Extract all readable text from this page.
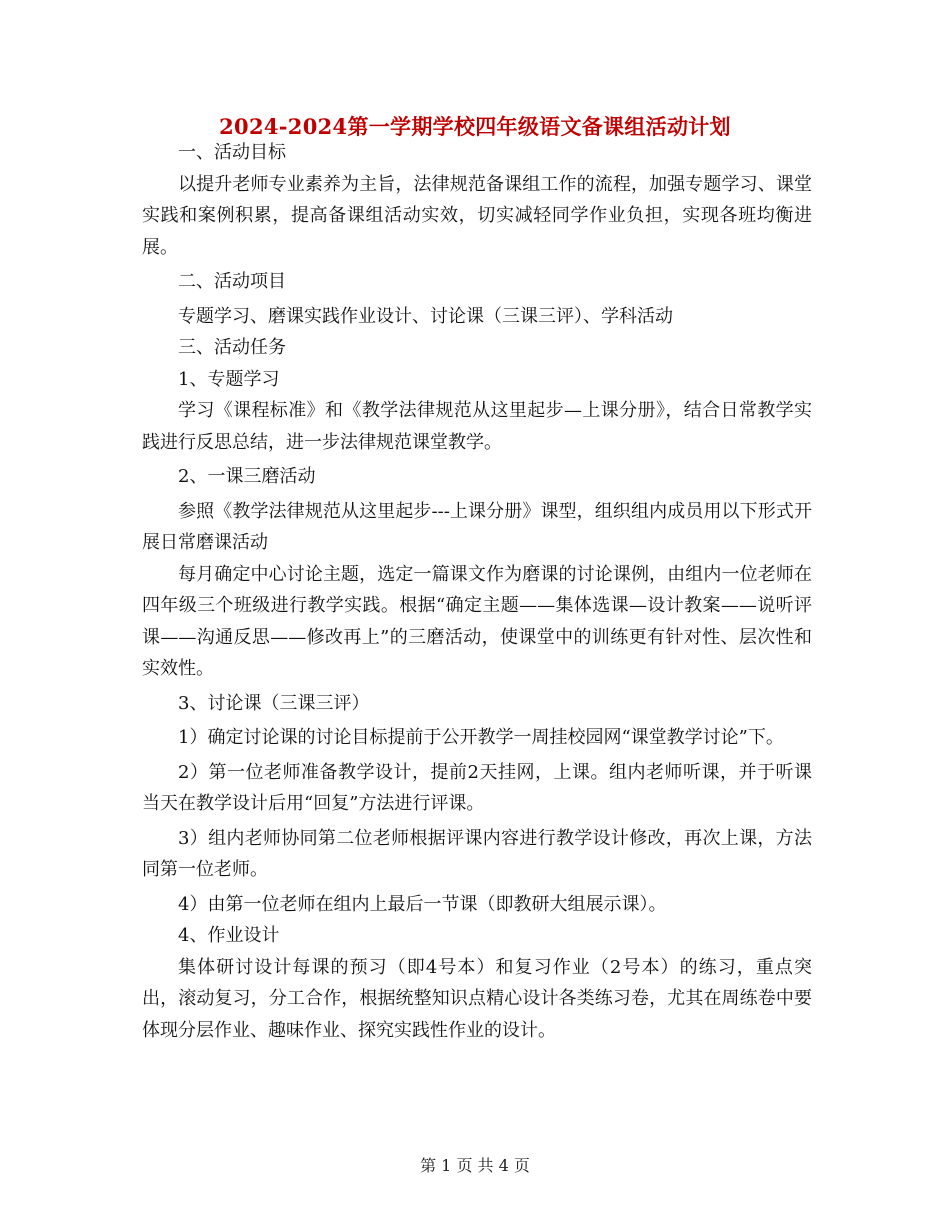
2024-2024第一学期学校四年级语文备课组活动计划

一、活动目标

以提升老师专业素养为主旨，法律规范备课组工作的流程，加强专题学习、课堂实践和案例积累，提高备课组活动实效，切实减轻同学作业负担，实现各班均衡进展。

二、活动项目

专题学习、磨课实践作业设计、讨论课（三课三评）、学科活动

三、活动任务

1、专题学习

学习《课程标准》和《教学法律规范从这里起步—上课分册》，结合日常教学实践进行反思总结，进一步法律规范课堂教学。

2、一课三磨活动

参照《教学法律规范从这里起步---上课分册》课型，组织组内成员用以下形式开展日常磨课活动

每月确定中心讨论主题，选定一篇课文作为磨课的讨论课例，由组内一位老师在四年级三个班级进行教学实践。根据“确定主题——集体选课—设计教案——说听评课——沟通反思——修改再上”的三磨活动，使课堂中的训练更有针对性、层次性和实效性。

3、讨论课（三课三评）

1）确定讨论课的讨论目标提前于公开教学一周挂校园网“课堂教学讨论”下。

2）第一位老师准备教学设计，提前2天挂网，上课。组内老师听课，并于听课当天在教学设计后用“回复”方法进行评课。

3）组内老师协同第二位老师根据评课内容进行教学设计修改，再次上课，方法同第一位老师。

4）由第一位老师在组内上最后一节课（即教研大组展示课）。

4、作业设计

集体研讨设计每课的预习（即4号本）和复习作业（2号本）的练习，重点突出，滚动复习，分工合作，根据统整知识点精心设计各类练习卷，尤其在周练卷中要体现分层作业、趣味作业、探究实践性作业的设计。

第 1 页 共 4 页
